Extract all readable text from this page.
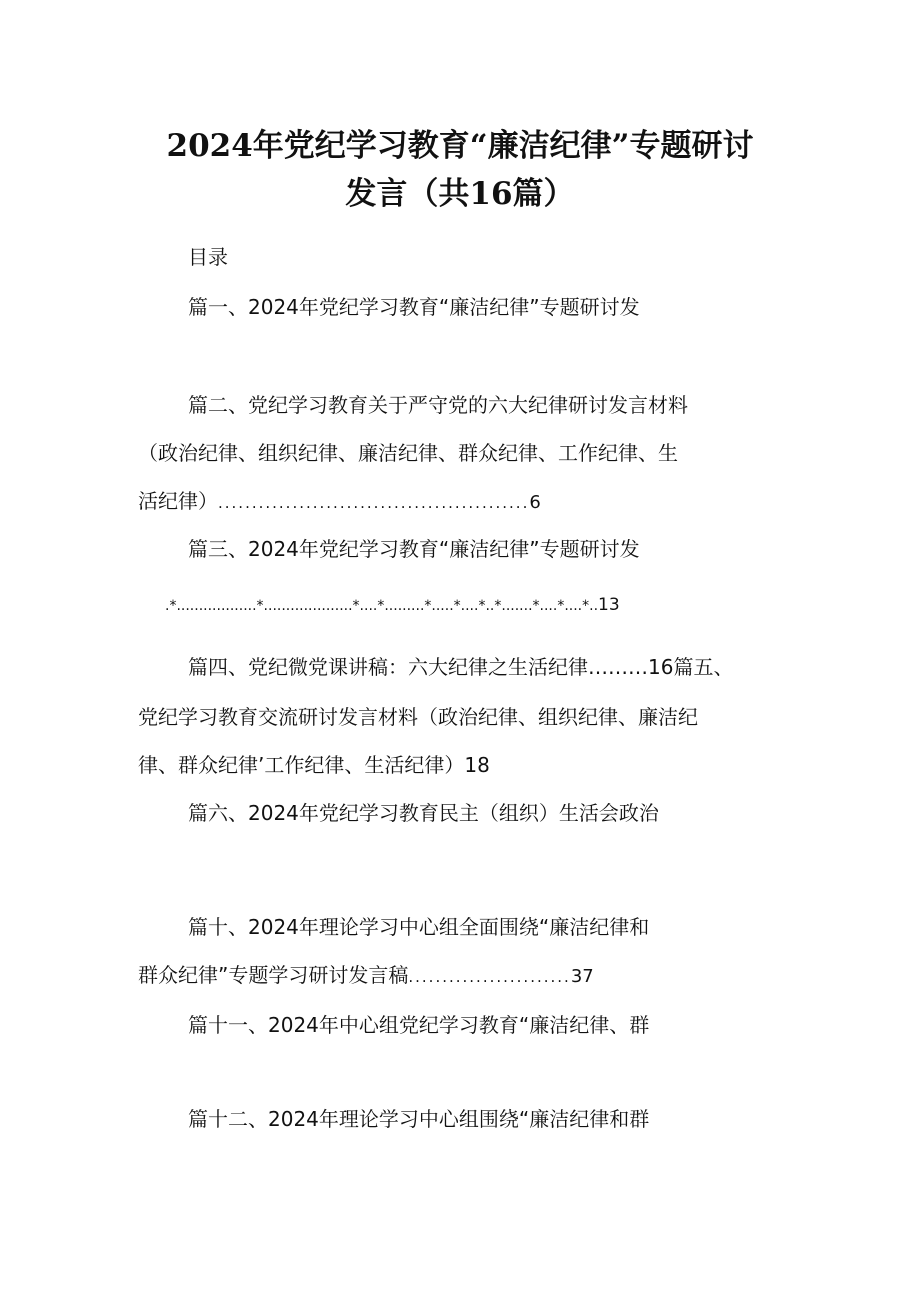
2024年党纪学习教育“廉洁纪律”专题研讨
发言（共16篇）
目录
篇一、2024年党纪学习教育“廉洁纪律”专题研讨发
篇二、党纪学习教育关于严守党的六大纪律研讨发言材料
（政治纪律、组织纪律、廉洁纪律、群众纪律、工作纪律、生
活纪律）..............................................6
篇三、2024年党纪学习教育“廉洁纪律”专题研讨发
.*..................*....................*....*.........*.....*....*..*.......*....*....*..13
篇四、党纪微党课讲稿：六大纪律之生活纪律………16篇五、
党纪学习教育交流研讨发言材料（政治纪律、组织纪律、廉洁纪
律、群众纪律’工作纪律、生活纪律）18
篇六、2024年党纪学习教育民主（组织）生活会政治
篇十、2024年理论学习中心组全面围绕“廉洁纪律和
群众纪律”专题学习研讨发言稿........................37
篇十一、2024年中心组党纪学习教育“廉洁纪律、群
篇十二、2024年理论学习中心组围绕“廉洁纪律和群
